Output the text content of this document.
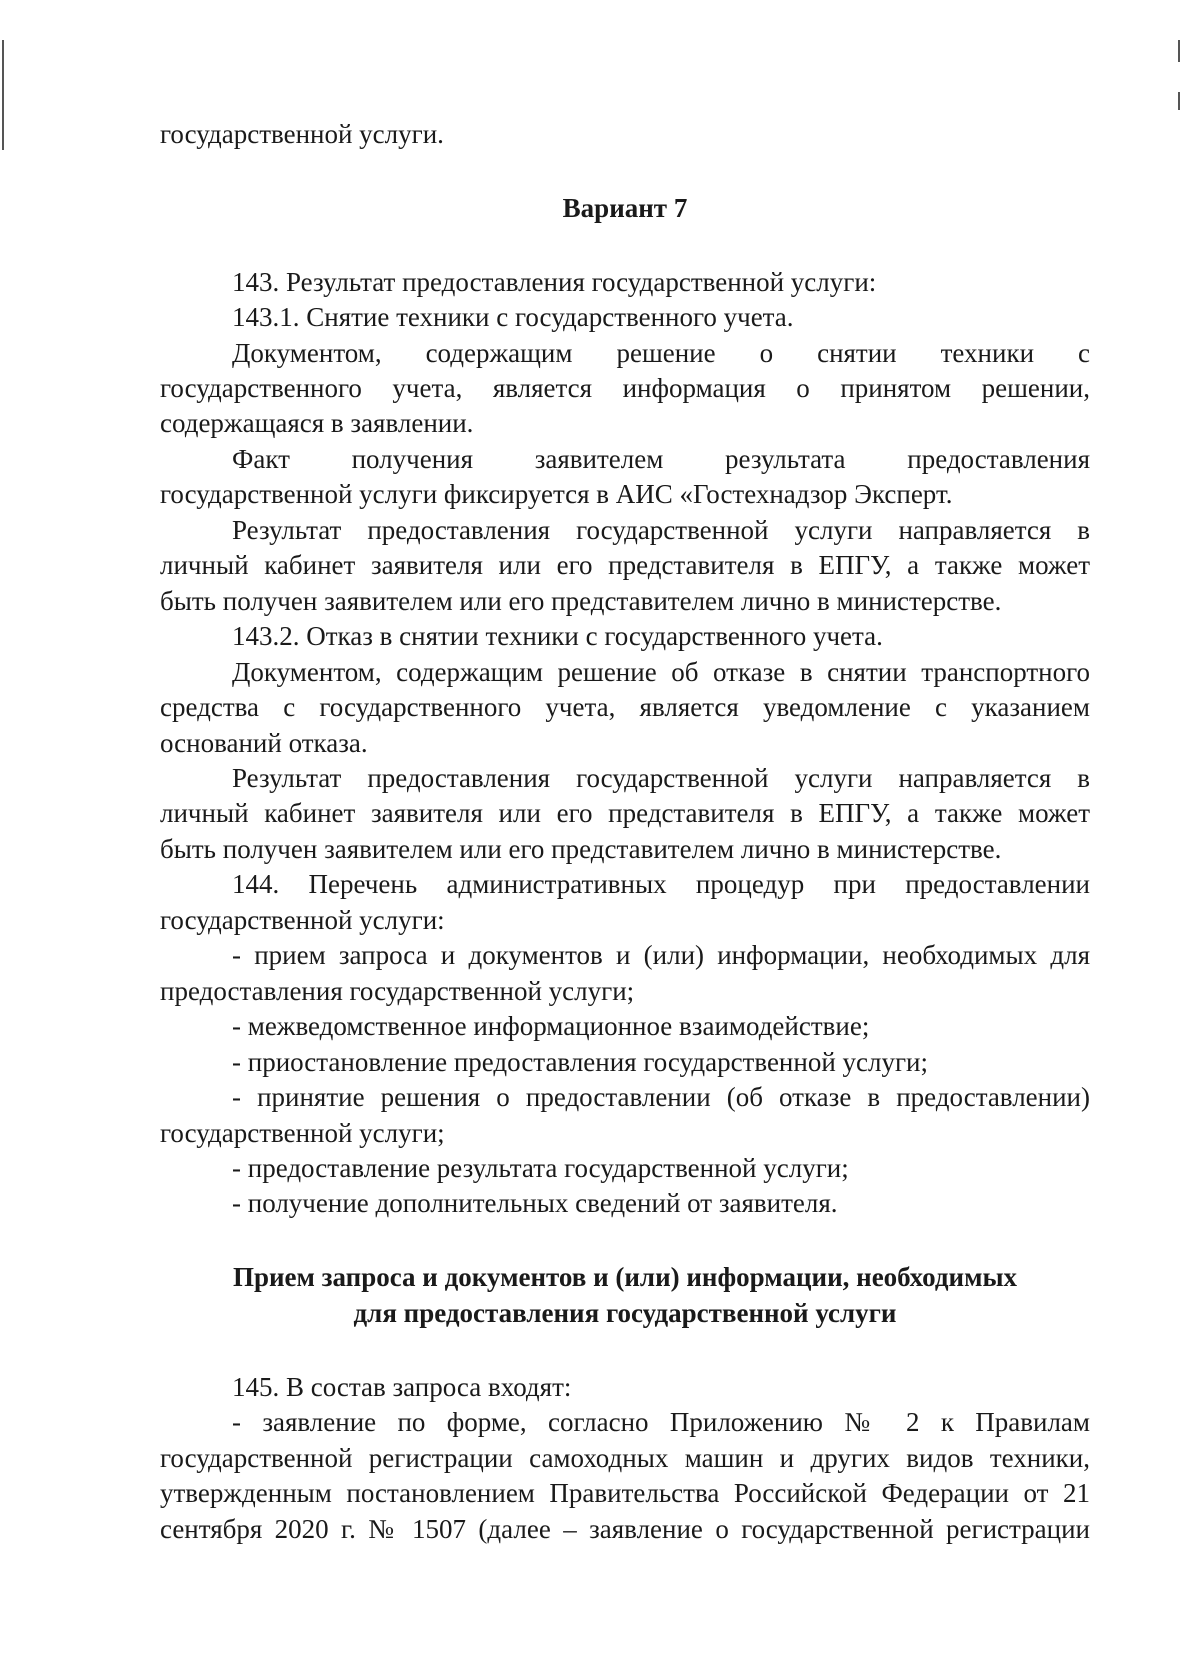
государственной услуги.

Вариант 7

143. Результат предоставления государственной услуги:

143.1. Снятие техники с государственного учета.

Документом, содержащим решение о снятии техники с

государственного учета, является информация о принятом решении,

содержащаяся в заявлении.

Факт получения заявителем результата предоставления

государственной услуги фиксируется в АИС «Гостехнадзор Эксперт.

Результат предоставления государственной услуги направляется в

личный кабинет заявителя или его представителя в ЕПГУ, а также может

быть получен заявителем или его представителем лично в министерстве.

143.2. Отказ в снятии техники с государственного учета.

Документом, содержащим решение об отказе в снятии транспортного

средства с государственного учета, является уведомление с указанием

оснований отказа.

Результат предоставления государственной услуги направляется в

личный кабинет заявителя или его представителя в ЕПГУ, а также может

быть получен заявителем или его представителем лично в министерстве.

144. Перечень административных процедур при предоставлении

государственной услуги:

- прием запроса и документов и (или) информации, необходимых для

предоставления государственной услуги;

- межведомственное информационное взаимодействие;

- приостановление предоставления государственной услуги;

- принятие решения о предоставлении (об отказе в предоставлении)

государственной услуги;

- предоставление результата государственной услуги;

- получение дополнительных сведений от заявителя.

Прием запроса и документов и (или) информации, необходимых

для предоставления государственной услуги

145. В состав запроса входят:

- заявление по форме, согласно Приложению № 2 к Правилам

государственной регистрации самоходных машин и других видов техники,

утвержденным постановлением Правительства Российской Федерации от 21

сентября 2020 г. № 1507 (далее – заявление о государственной регистрации
